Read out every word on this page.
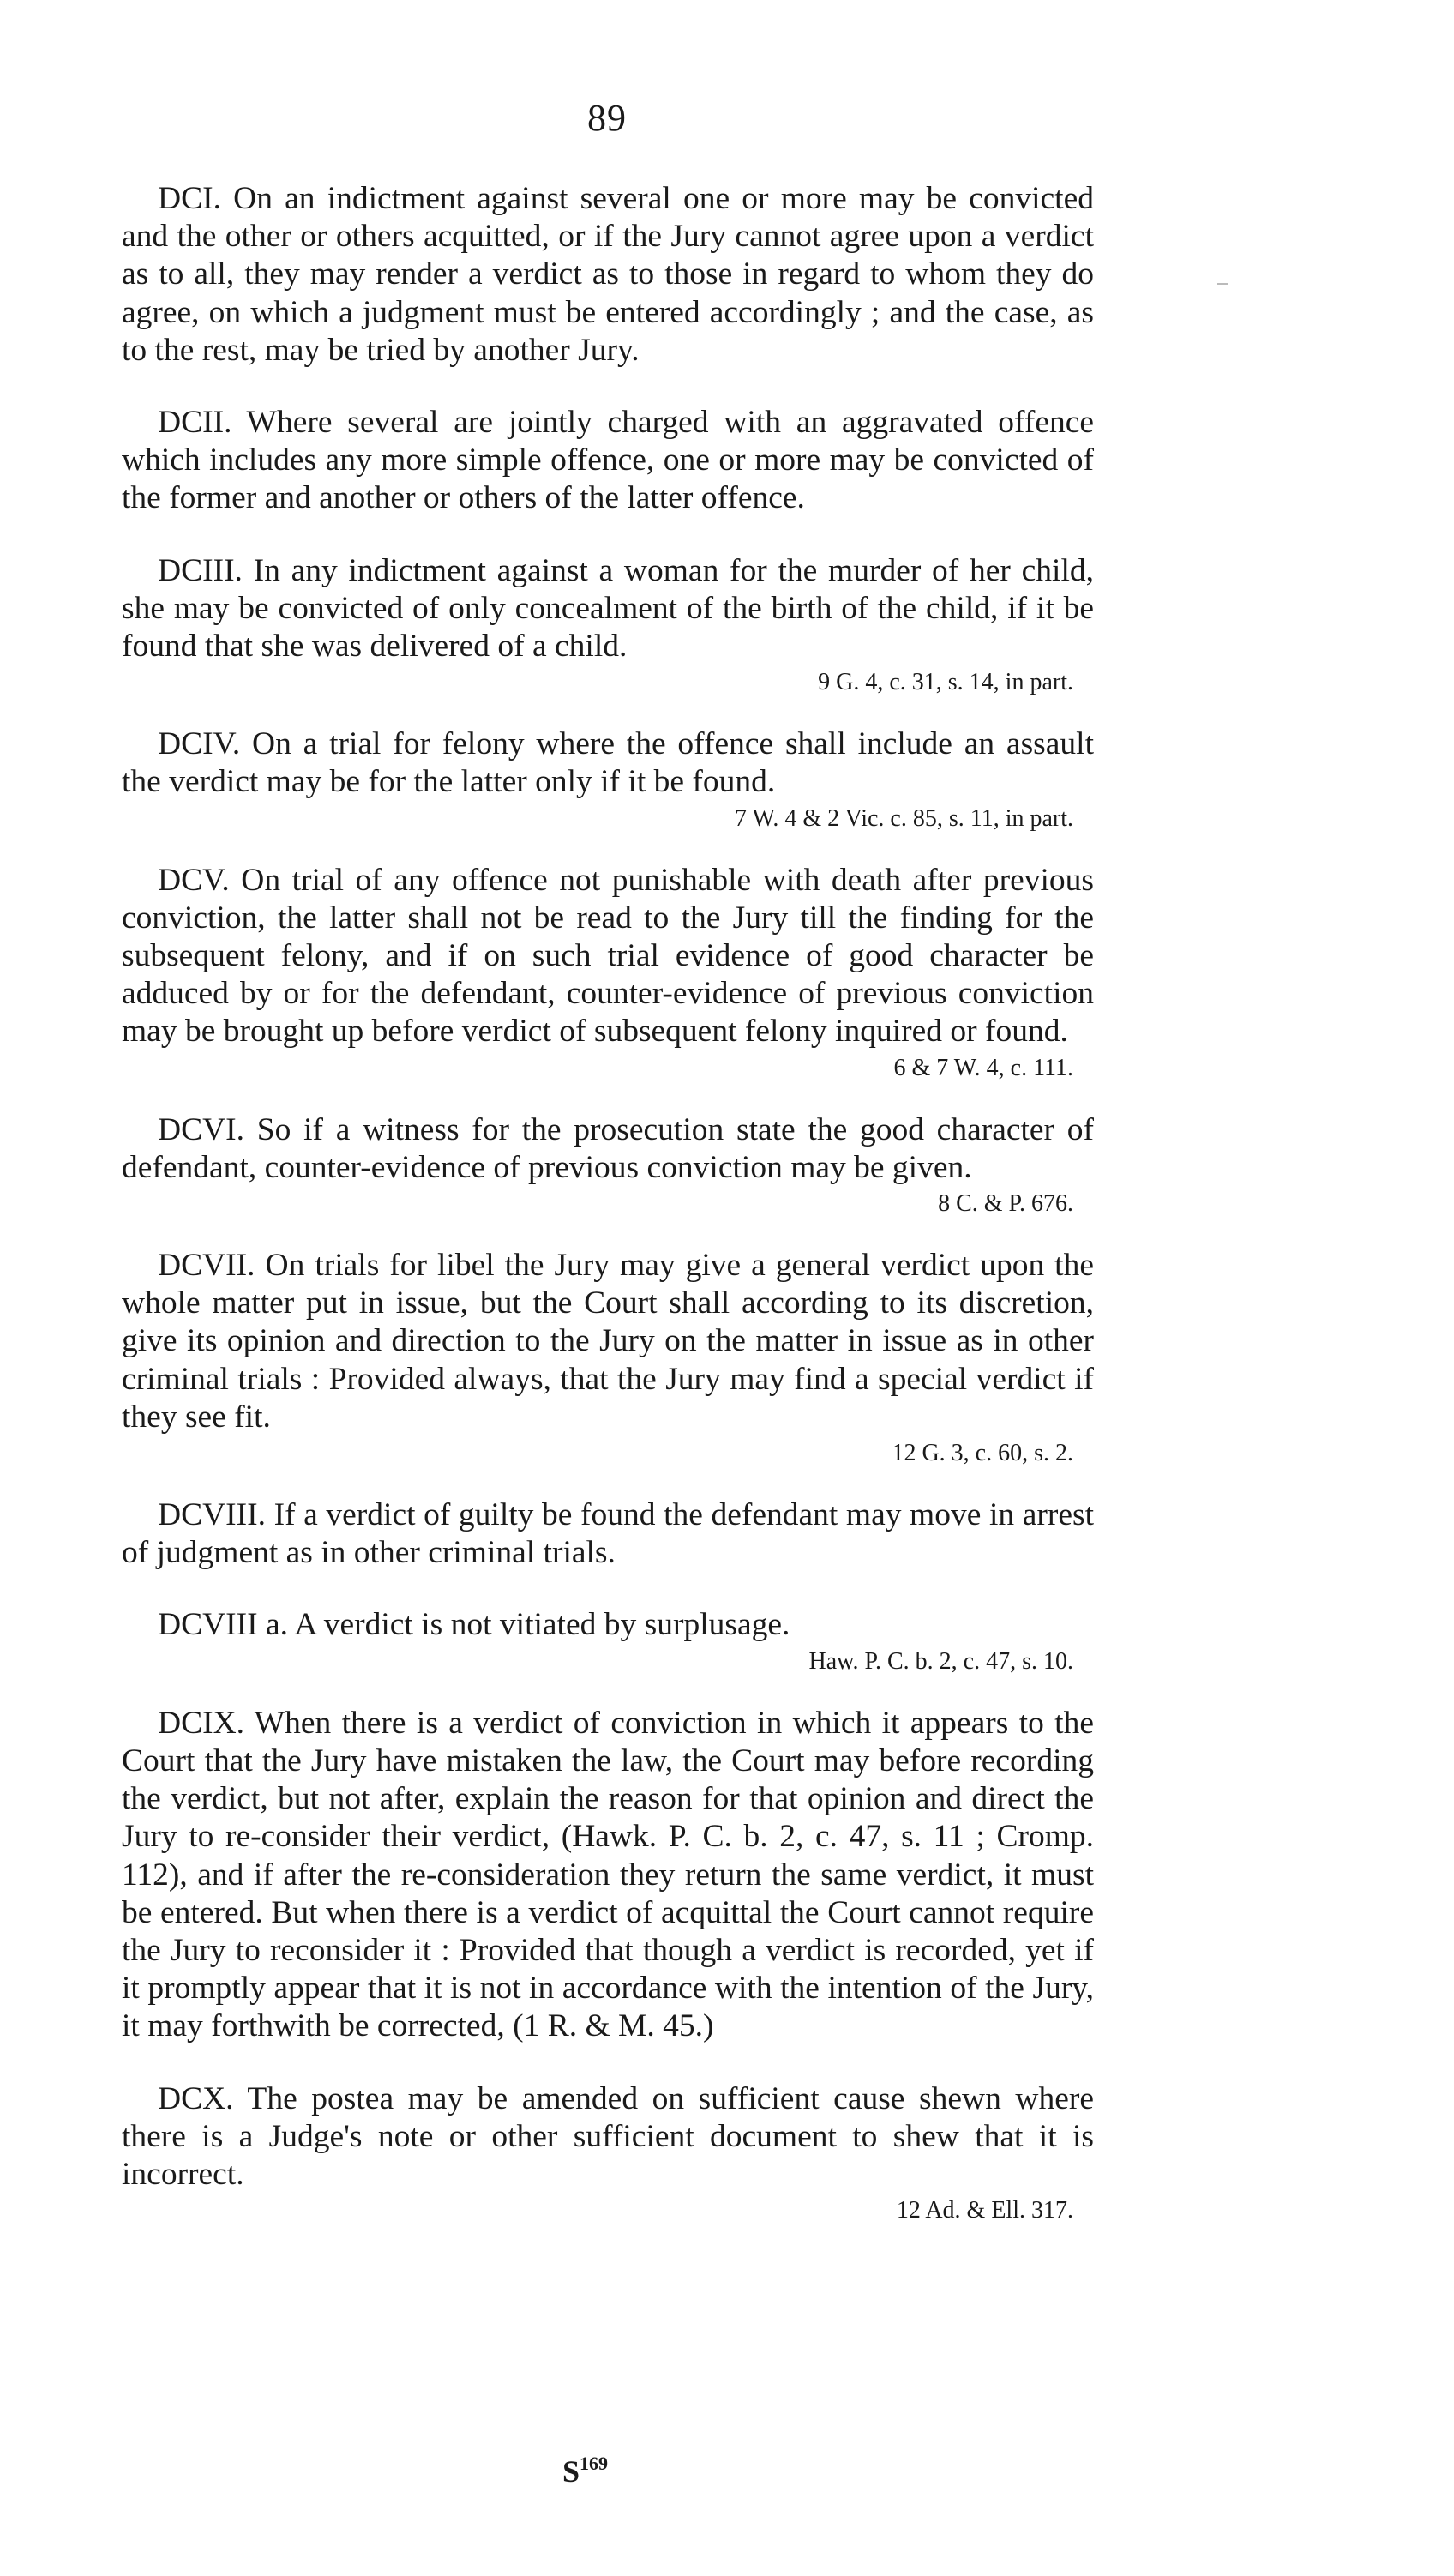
89

DCI. On an indictment against several one or more may be convicted and the other or others acquitted, or if the Jury cannot agree upon a verdict as to all, they may render a verdict as to those in regard to whom they do agree, on which a judgment must be entered accordingly ; and the case, as to the rest, may be tried by another Jury.

DCII. Where several are jointly charged with an aggravated offence which includes any more simple offence, one or more may be convicted of the former and another or others of the latter offence.

DCIII. In any indictment against a woman for the murder of her child, she may be convicted of only concealment of the birth of the child, if it be found that she was delivered of a child.

9 G. 4, c. 31, s. 14, in part.

DCIV. On a trial for felony where the offence shall include an assault the verdict may be for the latter only if it be found.

7 W. 4 & 2 Vic. c. 85, s. 11, in part.

DCV. On trial of any offence not punishable with death after previous conviction, the latter shall not be read to the Jury till the finding for the subsequent felony, and if on such trial evidence of good character be adduced by or for the defendant, counter-evidence of previous conviction may be brought up before verdict of subsequent felony inquired or found.

6 & 7 W. 4, c. 111.

DCVI. So if a witness for the prosecution state the good character of defendant, counter-evidence of previous conviction may be given.

8 C. & P. 676.

DCVII. On trials for libel the Jury may give a general verdict upon the whole matter put in issue, but the Court shall according to its discretion, give its opinion and direction to the Jury on the matter in issue as in other criminal trials : Provided always, that the Jury may find a special verdict if they see fit.

12 G. 3, c. 60, s. 2.

DCVIII. If a verdict of guilty be found the defendant may move in arrest of judgment as in other criminal trials.

DCVIII a. A verdict is not vitiated by surplusage.

Haw. P. C. b. 2, c. 47, s. 10.

DCIX. When there is a verdict of conviction in which it appears to the Court that the Jury have mistaken the law, the Court may before recording the verdict, but not after, explain the reason for that opinion and direct the Jury to re-consider their verdict, (Hawk. P. C. b. 2, c. 47, s. 11 ; Cromp. 112), and if after the re-consideration they return the same verdict, it must be entered. But when there is a verdict of acquittal the Court cannot require the Jury to reconsider it : Provided that though a verdict is recorded, yet if it promptly appear that it is not in accordance with the intention of the Jury, it may forthwith be corrected, (1 R. & M. 45.)

DCX. The postea may be amended on sufficient cause shewn where there is a Judge's note or other sufficient document to shew that it is incorrect.

12 Ad. & Ell. 317.

$S^{169}$
